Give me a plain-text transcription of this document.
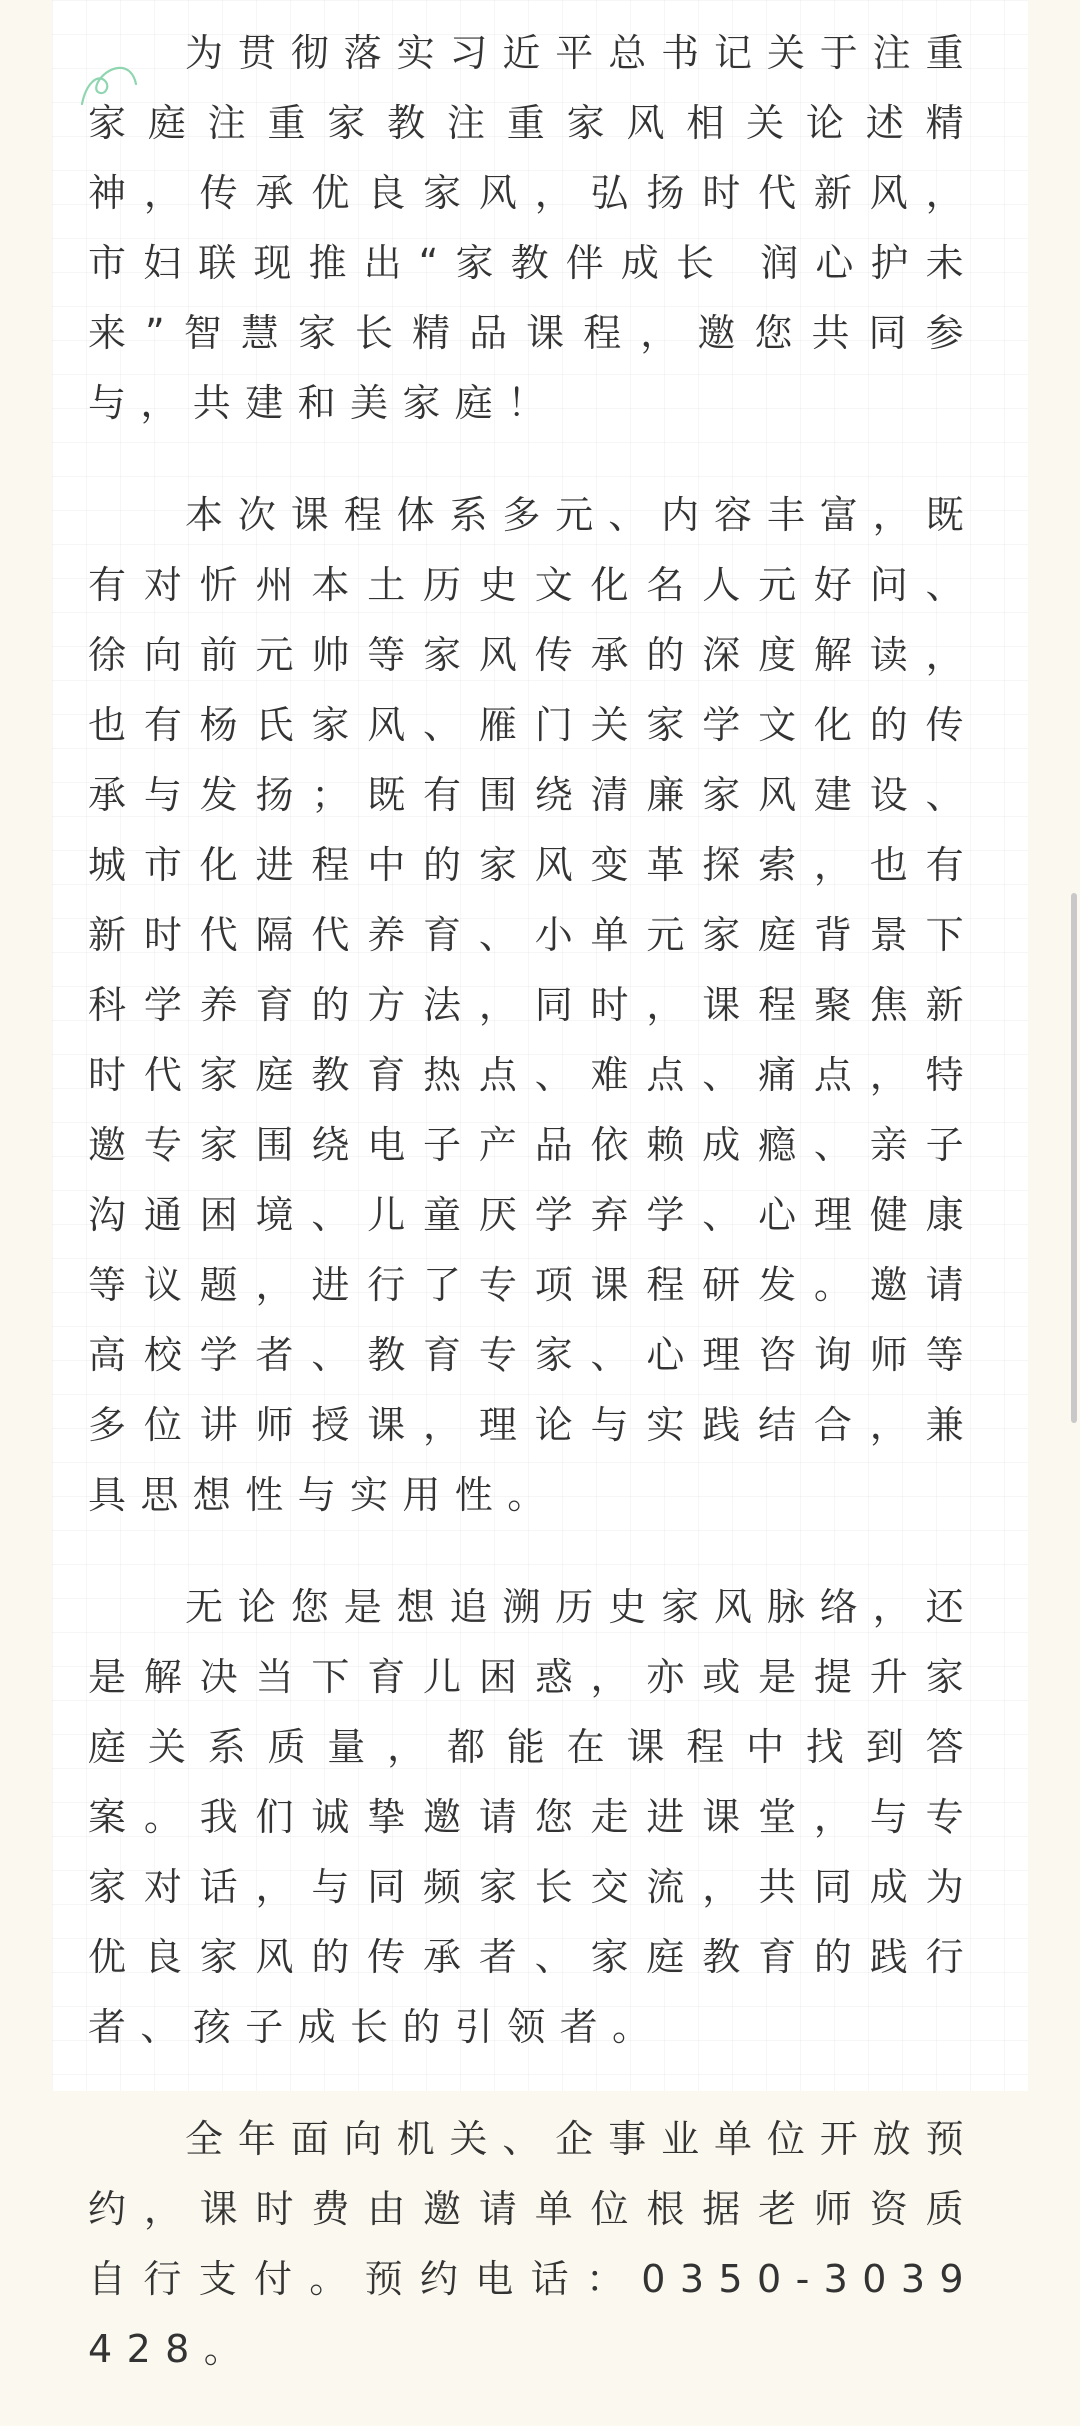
为贯彻落实习近平总书记关于注重家庭注重家教注重家风相关论述精神，传承优良家风，弘扬时代新风，市妇联现推出“家教伴成长 润心护未来”智慧家长精品课程，邀您共同参与，共建和美家庭！

本次课程体系多元、内容丰富，既有对忻州本土历史文化名人元好问、徐向前元帅等家风传承的深度解读，也有杨氏家风、雁门关家学文化的传承与发扬；既有围绕清廉家风建设、城市化进程中的家风变革探索，也有新时代隔代养育、小单元家庭背景下科学养育的方法，同时，课程聚焦新时代家庭教育热点、难点、痛点，特邀专家围绕电子产品依赖成瘾、亲子沟通困境、儿童厌学弃学、心理健康等议题，进行了专项课程研发。邀请高校学者、教育专家、心理咨询师等多位讲师授课，理论与实践结合，兼具思想性与实用性。

无论您是想追溯历史家风脉络，还是解决当下育儿困惑，亦或是提升家庭关系质量，都能在课程中找到答案。我们诚挚邀请您走进课堂，与专家对话，与同频家长交流，共同成为优良家风的传承者、家庭教育的践行者、孩子成长的引领者。

全年面向机关、企事业单位开放预约，课时费由邀请单位根据老师资质自行支付。预约电话：0350-3039428。
